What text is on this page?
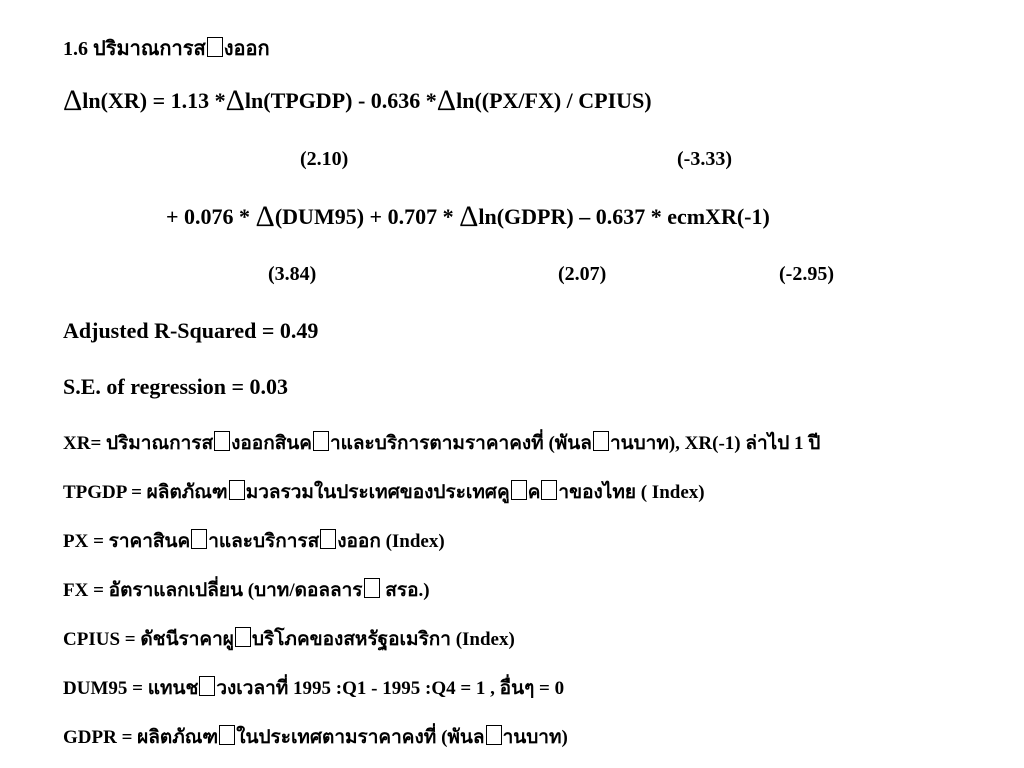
1.6 ปริมาณการส งออก
Δln(XR) = 1.13 *Δln(TPGDP) - 0.636 *Δln((PX/FX) / CPIUS)
(2.10)	(-3.33)
+ 0.076 * Δ(DUM95) + 0.707 * Δln(GDPR) – 0.637 * ecmXR(-1)
(3.84)	(2.07)	(-2.95)
Adjusted R-Squared = 0.49
S.E. of regression = 0.03
XR= ปริมาณการส งออกสินค าและบริการตามราคาคงที่ (พันล านบาท), XR(-1) ล่าไป 1 ปี
TPGDP = ผลิตภัณฑ มวลรวมในประเทศของประเทศคู ค าของไทย ( Index)
PX = ราคาสินค าและบริการส งออก (Index)
FX = อัตราแลกเปลี่ยน (บาท/ดอลลาร สรอ.)
CPIUS = ดัชนีราคาผู บริโภคของสหรัฐอเมริกา (Index)
DUM95 = แทนช วงเวลาที่ 1995 :Q1 - 1995 :Q4 = 1 , อื่นๆ = 0
GDPR = ผลิตภัณฑ ในประเทศตามราคาคงที่ (พันล านบาท)
